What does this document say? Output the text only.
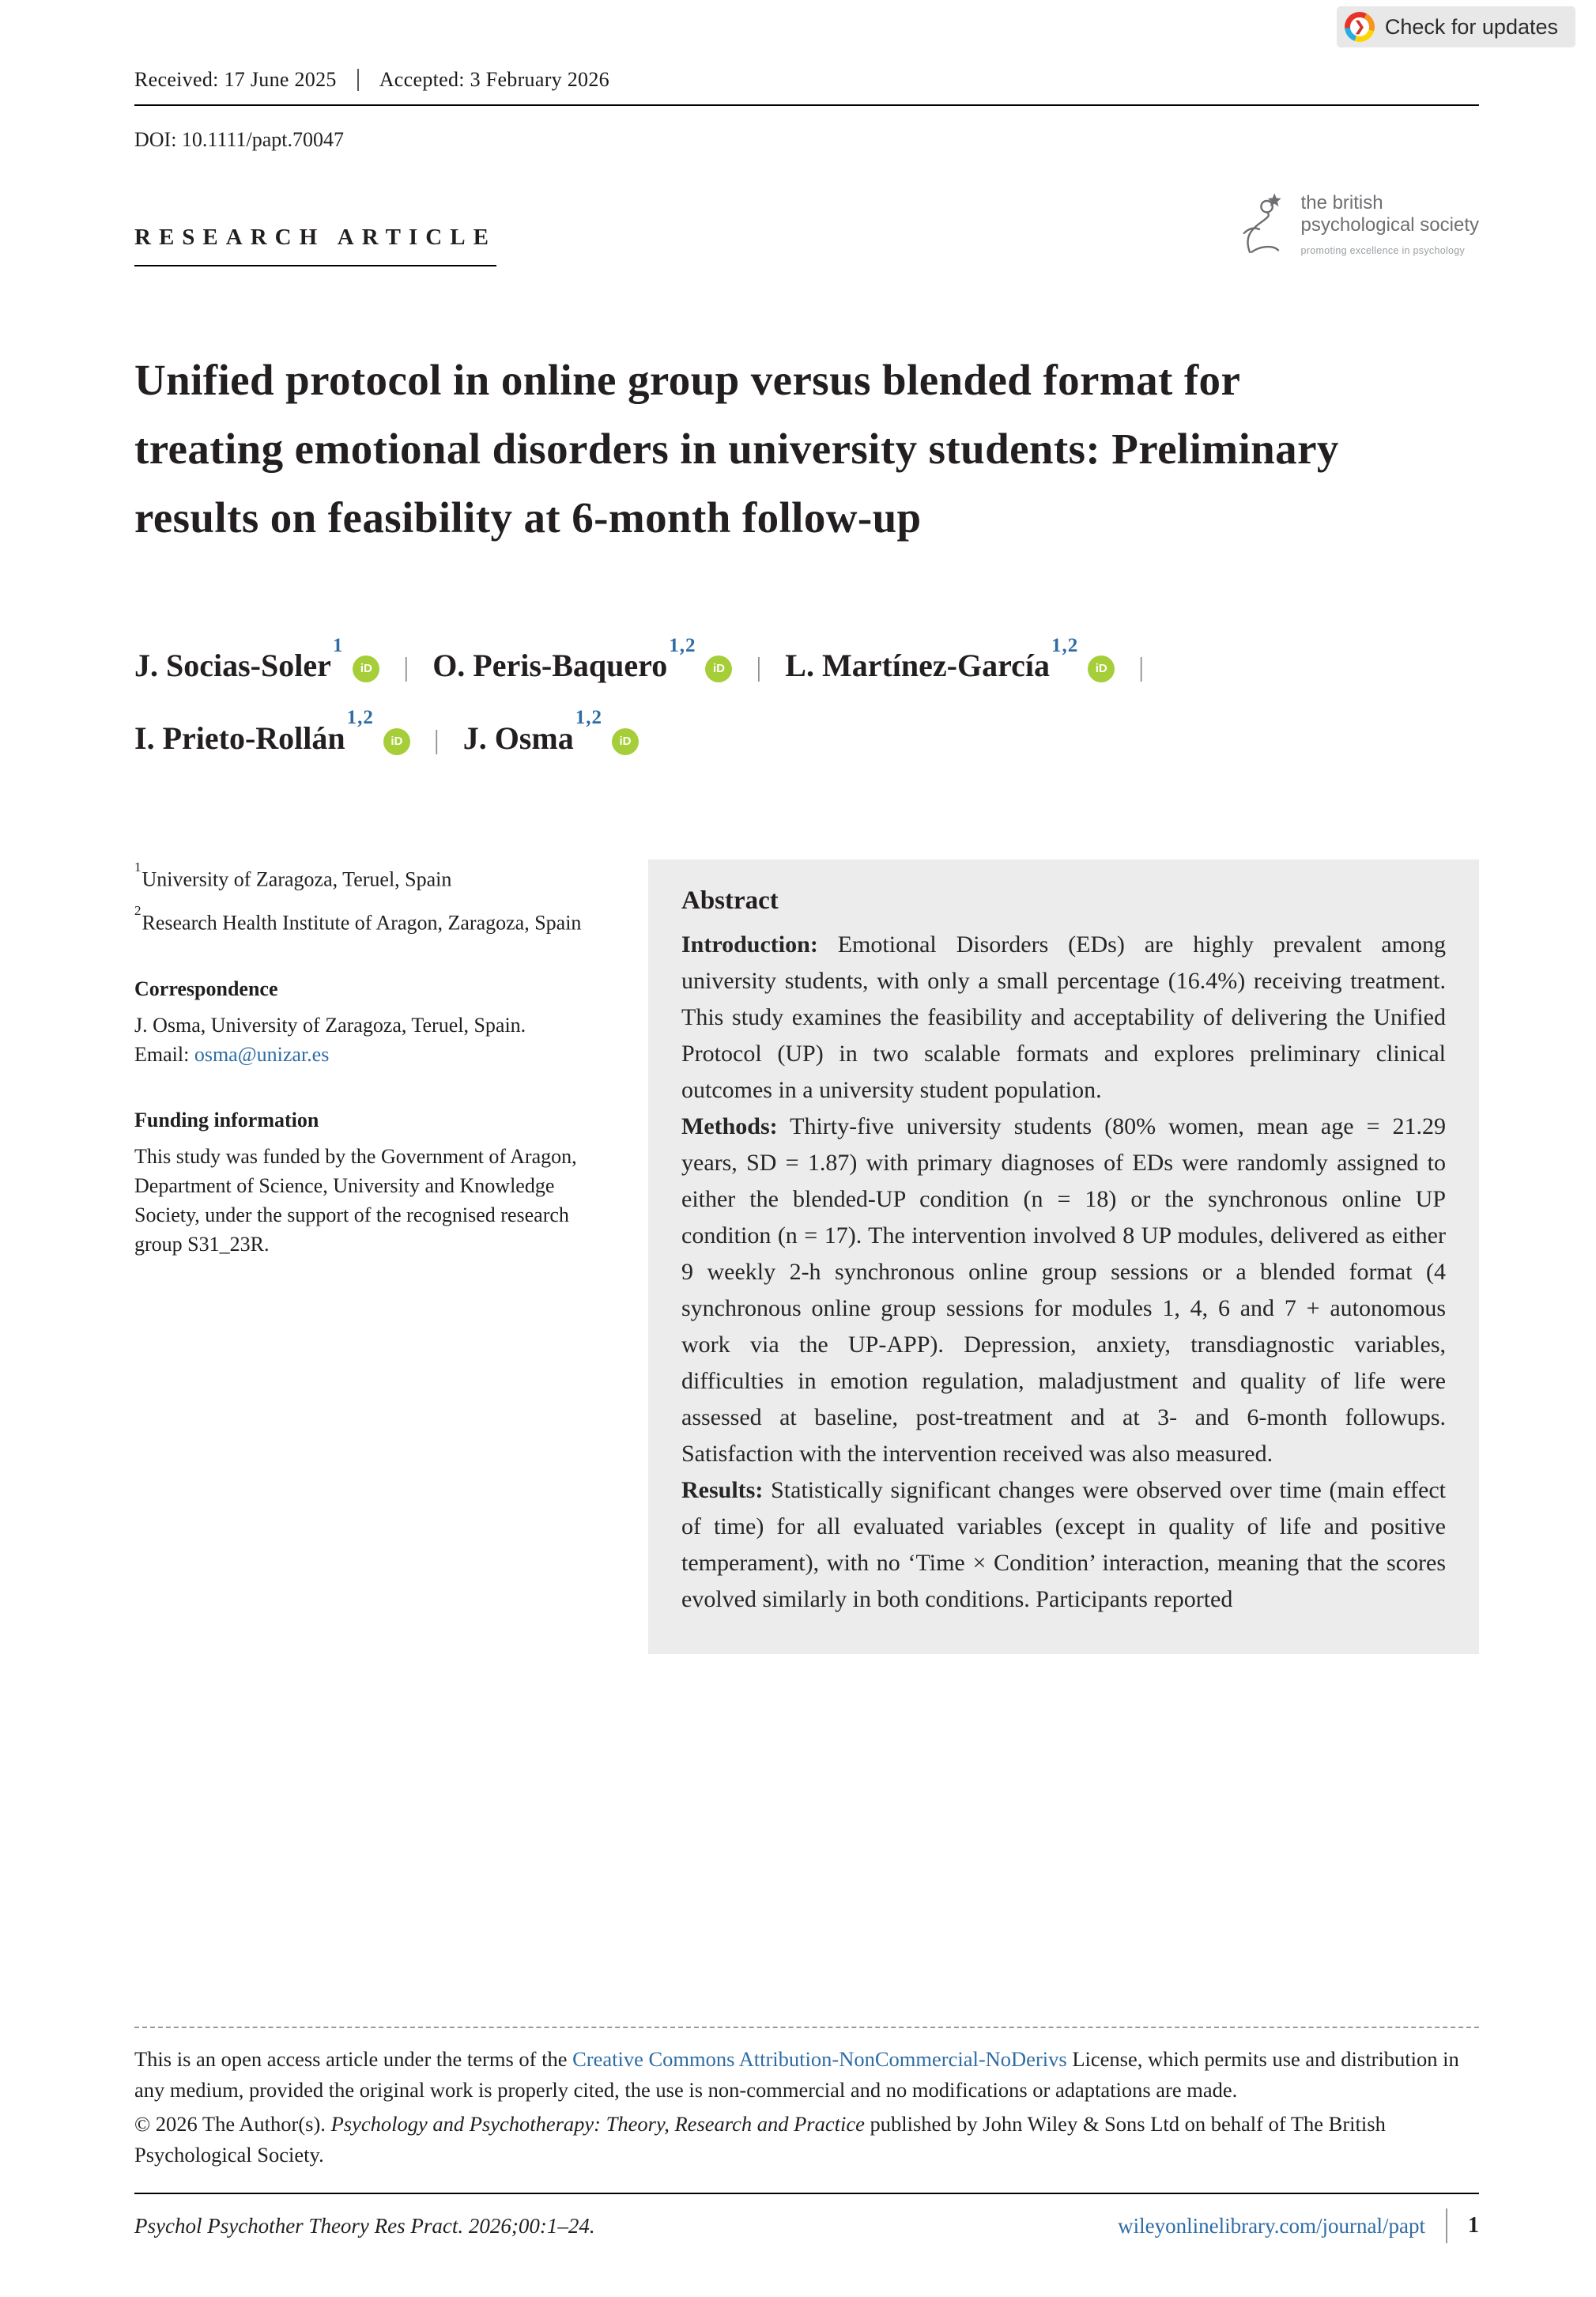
❯
Check for updates
Received: 17 June 2025 Accepted: 3 February 2026
DOI: 10.1111/papt.70047
RESEARCH ARTICLE
the british
psychological society
promoting excellence in psychology
Unified protocol in online group versus blended format for treating emotional disorders in university students: Preliminary results on feasibility at 6-month follow-up
J. Socias-Soler$^1$iD | O. Peris-Baquero$^{1,2}$iD | L. Martínez-García$^{1,2}$iD |
I. Prieto-Rollán$^{1,2}$iD | J. Osma$^{1,2}$iD
$^1$University of Zaragoza, Teruel, Spain
$^2$Research Health Institute of Aragon, Zaragoza, Spain
Correspondence
J. Osma, University of Zaragoza, Teruel, Spain.
Email: osma@unizar.es
Funding information
This study was funded by the Government of Aragon, Department of Science, University and Knowledge Society, under the support of the recognised research group S31_23R.
Abstract

Introduction: Emotional Disorders (EDs) are highly prevalent among university students, with only a small percentage (16.4%) receiving treatment. This study examines the feasibility and acceptability of delivering the Unified Protocol (UP) in two scalable formats and explores preliminary clinical outcomes in a university student population.

Methods: Thirty-five university students (80% women, mean age = 21.29 years, SD = 1.87) with primary diagnoses of EDs were randomly assigned to either the blended-UP condition (n = 18) or the synchronous online UP condition (n = 17). The intervention involved 8 UP modules, delivered as either 9 weekly 2-h synchronous online group sessions or a blended format (4 synchronous online group sessions for modules 1, 4, 6 and 7 + autonomous work via the UP-APP). Depression, anxiety, transdiagnostic variables, difficulties in emotion regulation, maladjustment and quality of life were assessed at baseline, post-treatment and at 3- and 6-month followups. Satisfaction with the intervention received was also measured.

Results: Statistically significant changes were observed over time (main effect of time) for all evaluated variables (except in quality of life and positive temperament), with no ‘Time × Condition’ interaction, meaning that the scores evolved similarly in both conditions. Participants reported

This is an open access article under the terms of the Creative Commons Attribution-NonCommercial-NoDerivs License, which permits use and distribution in any medium, provided the original work is properly cited, the use is non-commercial and no modifications or adaptations are made.

© 2026 The Author(s). Psychology and Psychotherapy: Theory, Research and Practice published by John Wiley & Sons Ltd on behalf of The British Psychological Society.

Psychol Psychother Theory Res Pract. 2026;00:1–24.	wileyonlinelibrary.com/journal/papt 1
